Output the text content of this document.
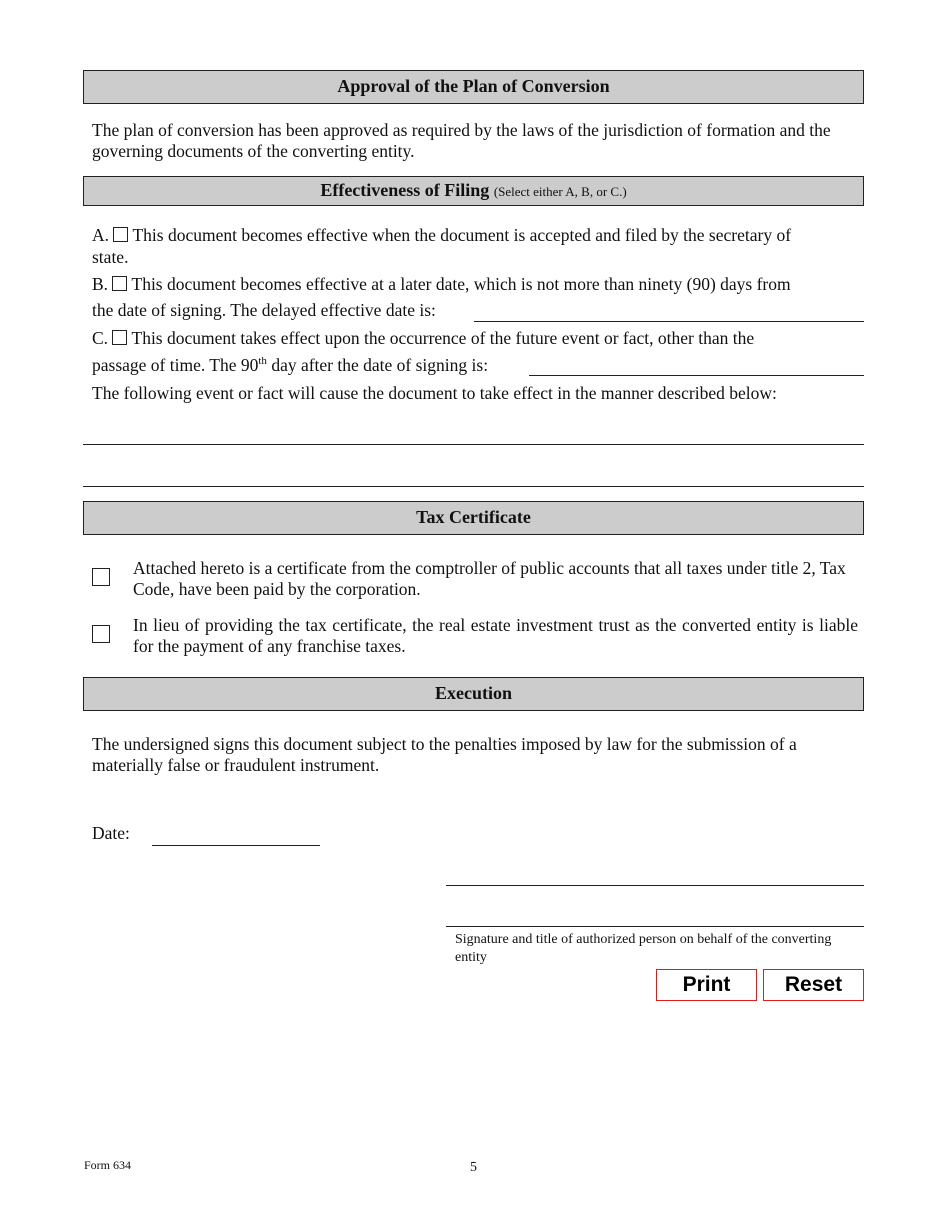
Approval of the Plan of Conversion
The plan of conversion has been approved as required by the laws of the jurisdiction of formation and the governing documents of the converting entity.
Effectiveness of Filing (Select either A, B, or C.)
A. This document becomes effective when the document is accepted and filed by the secretary of
state.
B. This document becomes effective at a later date, which is not more than ninety (90) days from
the date of signing. The delayed effective date is:
C. This document takes effect upon the occurrence of the future event or fact, other than the
passage of time. The 90th day after the date of signing is:
The following event or fact will cause the document to take effect in the manner described below:
Tax Certificate
Attached hereto is a certificate from the comptroller of public accounts that all taxes under title 2, Tax Code, have been paid by the corporation.
In lieu of providing the tax certificate, the real estate investment trust as the converted entity is liable for the payment of any franchise taxes.
Execution
The undersigned signs this document subject to the penalties imposed by law for the submission of a materially false or fraudulent instrument.
Date:
Signature and title of authorized person on behalf of the converting entity
Print	Reset
Form 634	5
